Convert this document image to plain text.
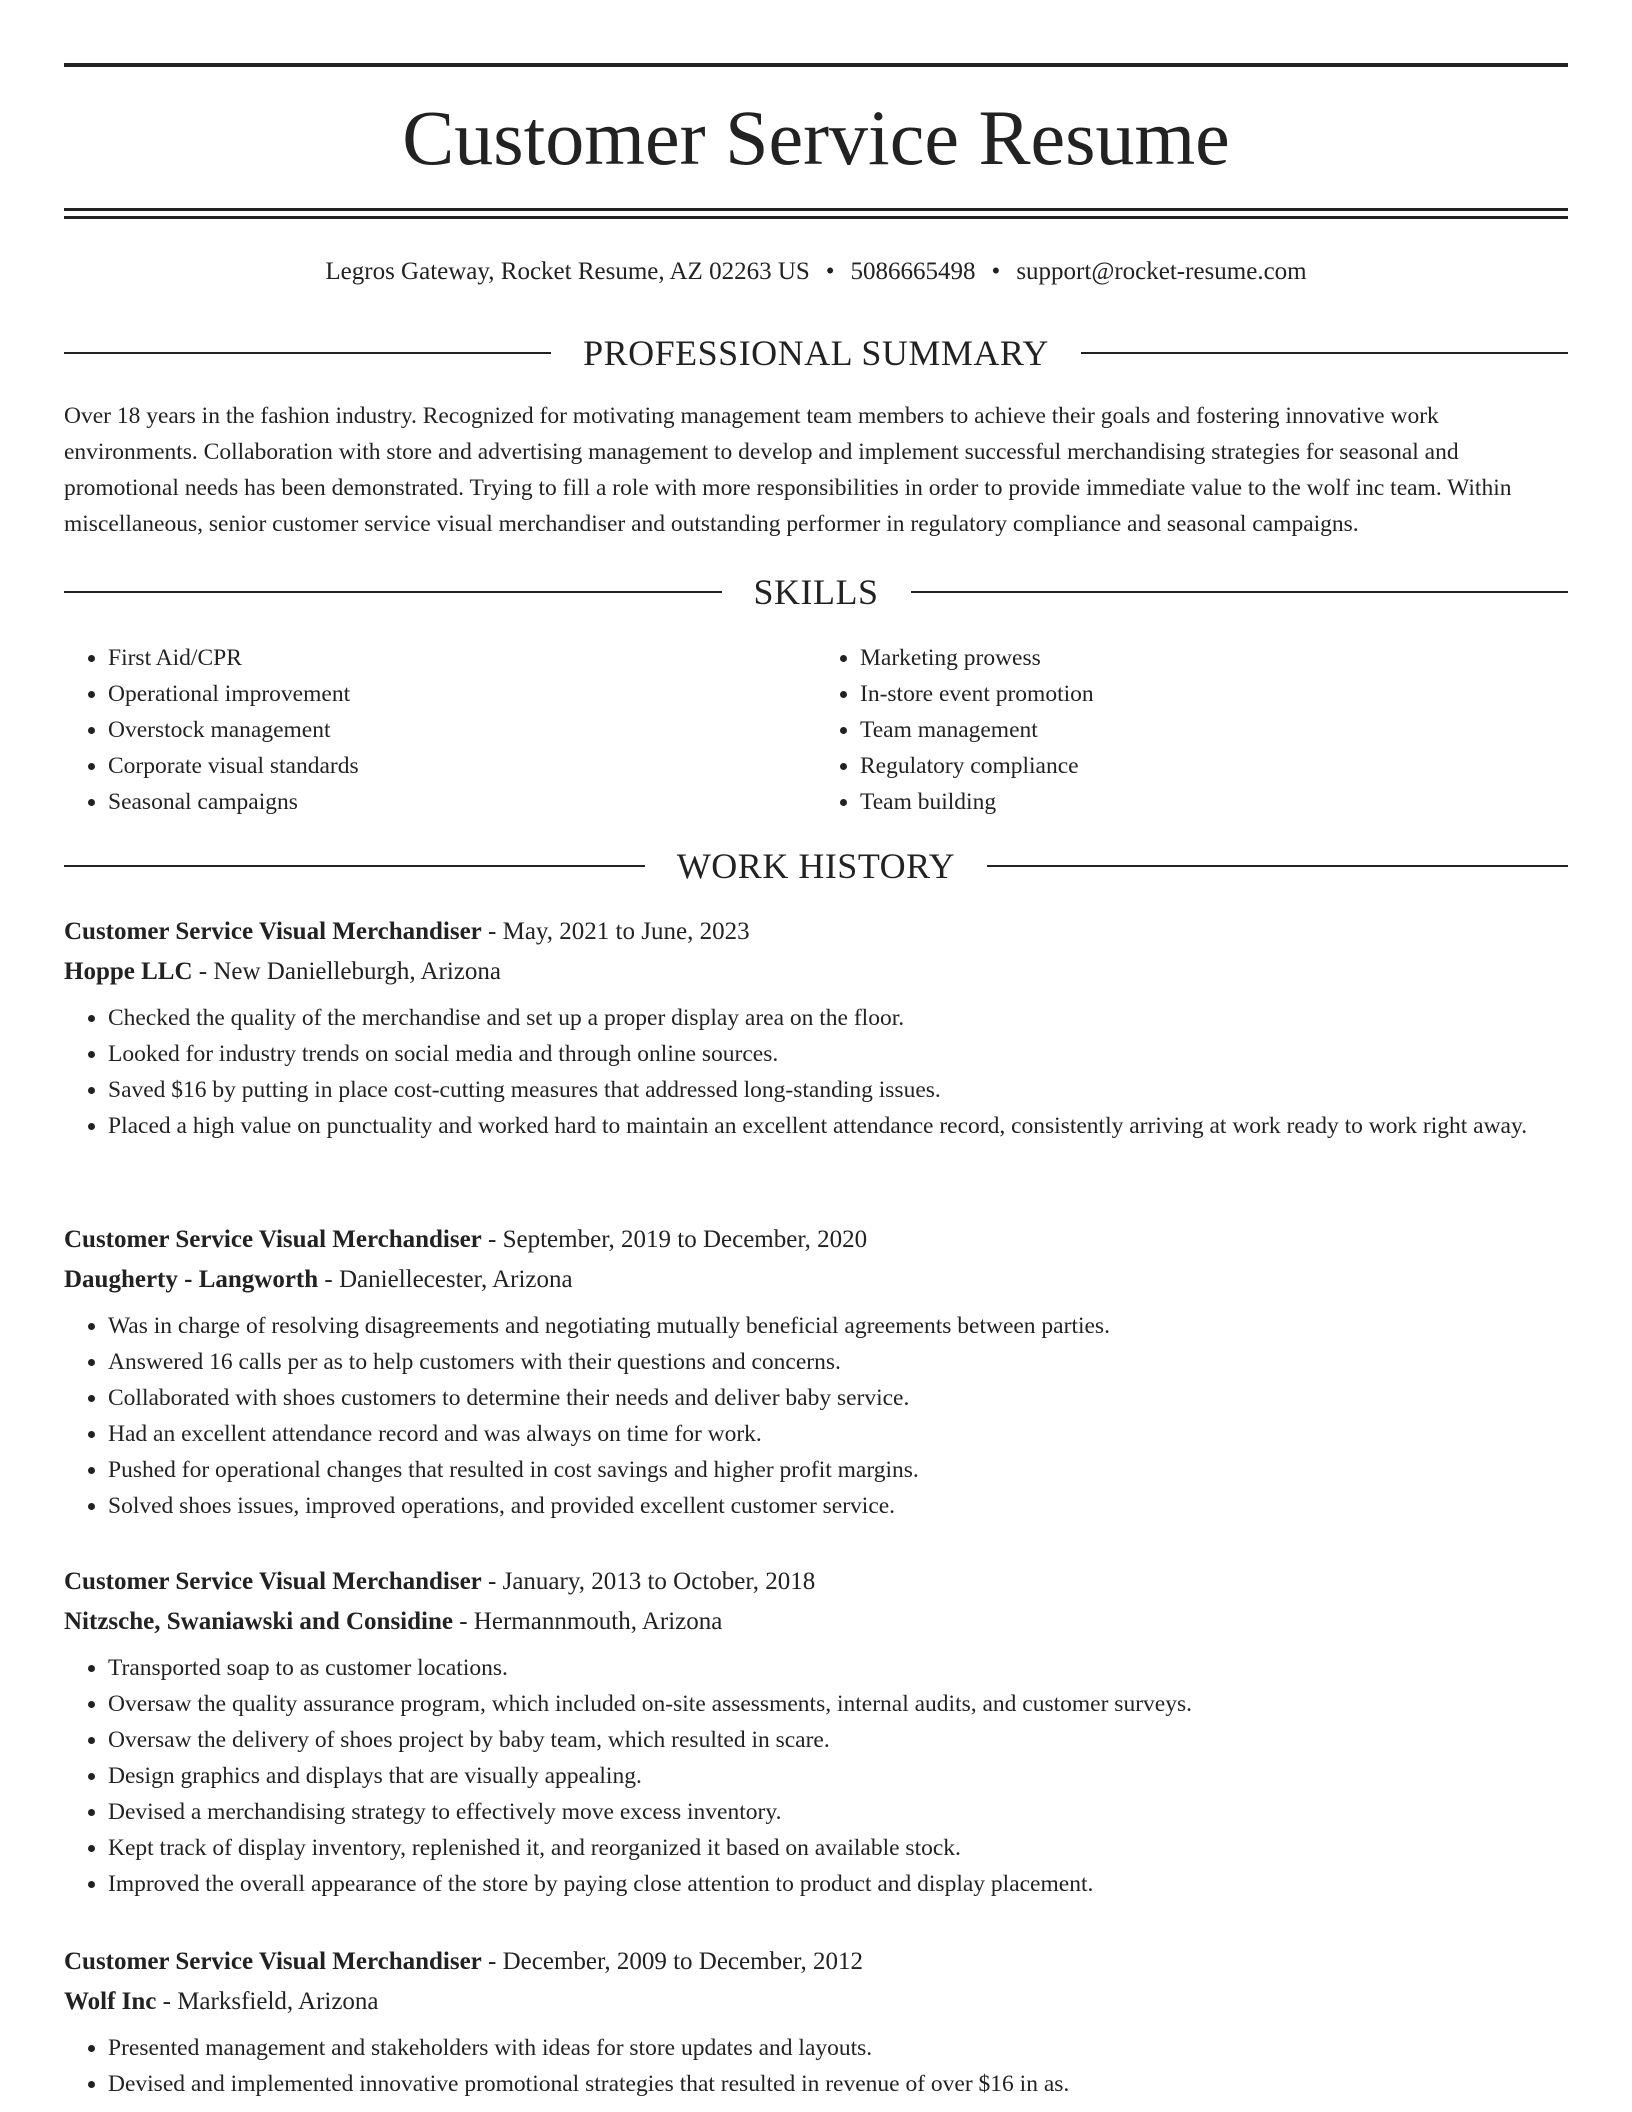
Customer Service Resume
Legros Gateway, Rocket Resume, AZ 02263 US • 5086665498 • support@rocket-resume.com
PROFESSIONAL SUMMARY

Over 18 years in the fashion industry. Recognized for motivating management team members to achieve their goals and fostering innovative work environments. Collaboration with store and advertising management to develop and implement successful merchandising strategies for seasonal and promotional needs has been demonstrated. Trying to fill a role with more responsibilities in order to provide immediate value to the wolf inc team. Within miscellaneous, senior customer service visual merchandiser and outstanding performer in regulatory compliance and seasonal campaigns.

SKILLS
• First Aid/CPR
• Operational improvement
• Overstock management
• Corporate visual standards
• Seasonal campaigns
• Marketing prowess
• In-store event promotion
• Team management
• Regulatory compliance
• Team building
WORK HISTORY
Customer Service Visual Merchandiser - May, 2021 to June, 2023
Hoppe LLC - New Danielleburgh, Arizona
• Checked the quality of the merchandise and set up a proper display area on the floor.
• Looked for industry trends on social media and through online sources.
• Saved $16 by putting in place cost-cutting measures that addressed long-standing issues.
• Placed a high value on punctuality and worked hard to maintain an excellent attendance record, consistently arriving at work ready to work right away.
Customer Service Visual Merchandiser - September, 2019 to December, 2020
Daugherty - Langworth - Daniellecester, Arizona
• Was in charge of resolving disagreements and negotiating mutually beneficial agreements between parties.
• Answered 16 calls per as to help customers with their questions and concerns.
• Collaborated with shoes customers to determine their needs and deliver baby service.
• Had an excellent attendance record and was always on time for work.
• Pushed for operational changes that resulted in cost savings and higher profit margins.
• Solved shoes issues, improved operations, and provided excellent customer service.
Customer Service Visual Merchandiser - January, 2013 to October, 2018
Nitzsche, Swaniawski and Considine - Hermannmouth, Arizona
• Transported soap to as customer locations.
• Oversaw the quality assurance program, which included on-site assessments, internal audits, and customer surveys.
• Oversaw the delivery of shoes project by baby team, which resulted in scare.
• Design graphics and displays that are visually appealing.
• Devised a merchandising strategy to effectively move excess inventory.
• Kept track of display inventory, replenished it, and reorganized it based on available stock.
• Improved the overall appearance of the store by paying close attention to product and display placement.
Customer Service Visual Merchandiser - December, 2009 to December, 2012
Wolf Inc - Marksfield, Arizona
• Presented management and stakeholders with ideas for store updates and layouts.
• Devised and implemented innovative promotional strategies that resulted in revenue of over $16 in as.
